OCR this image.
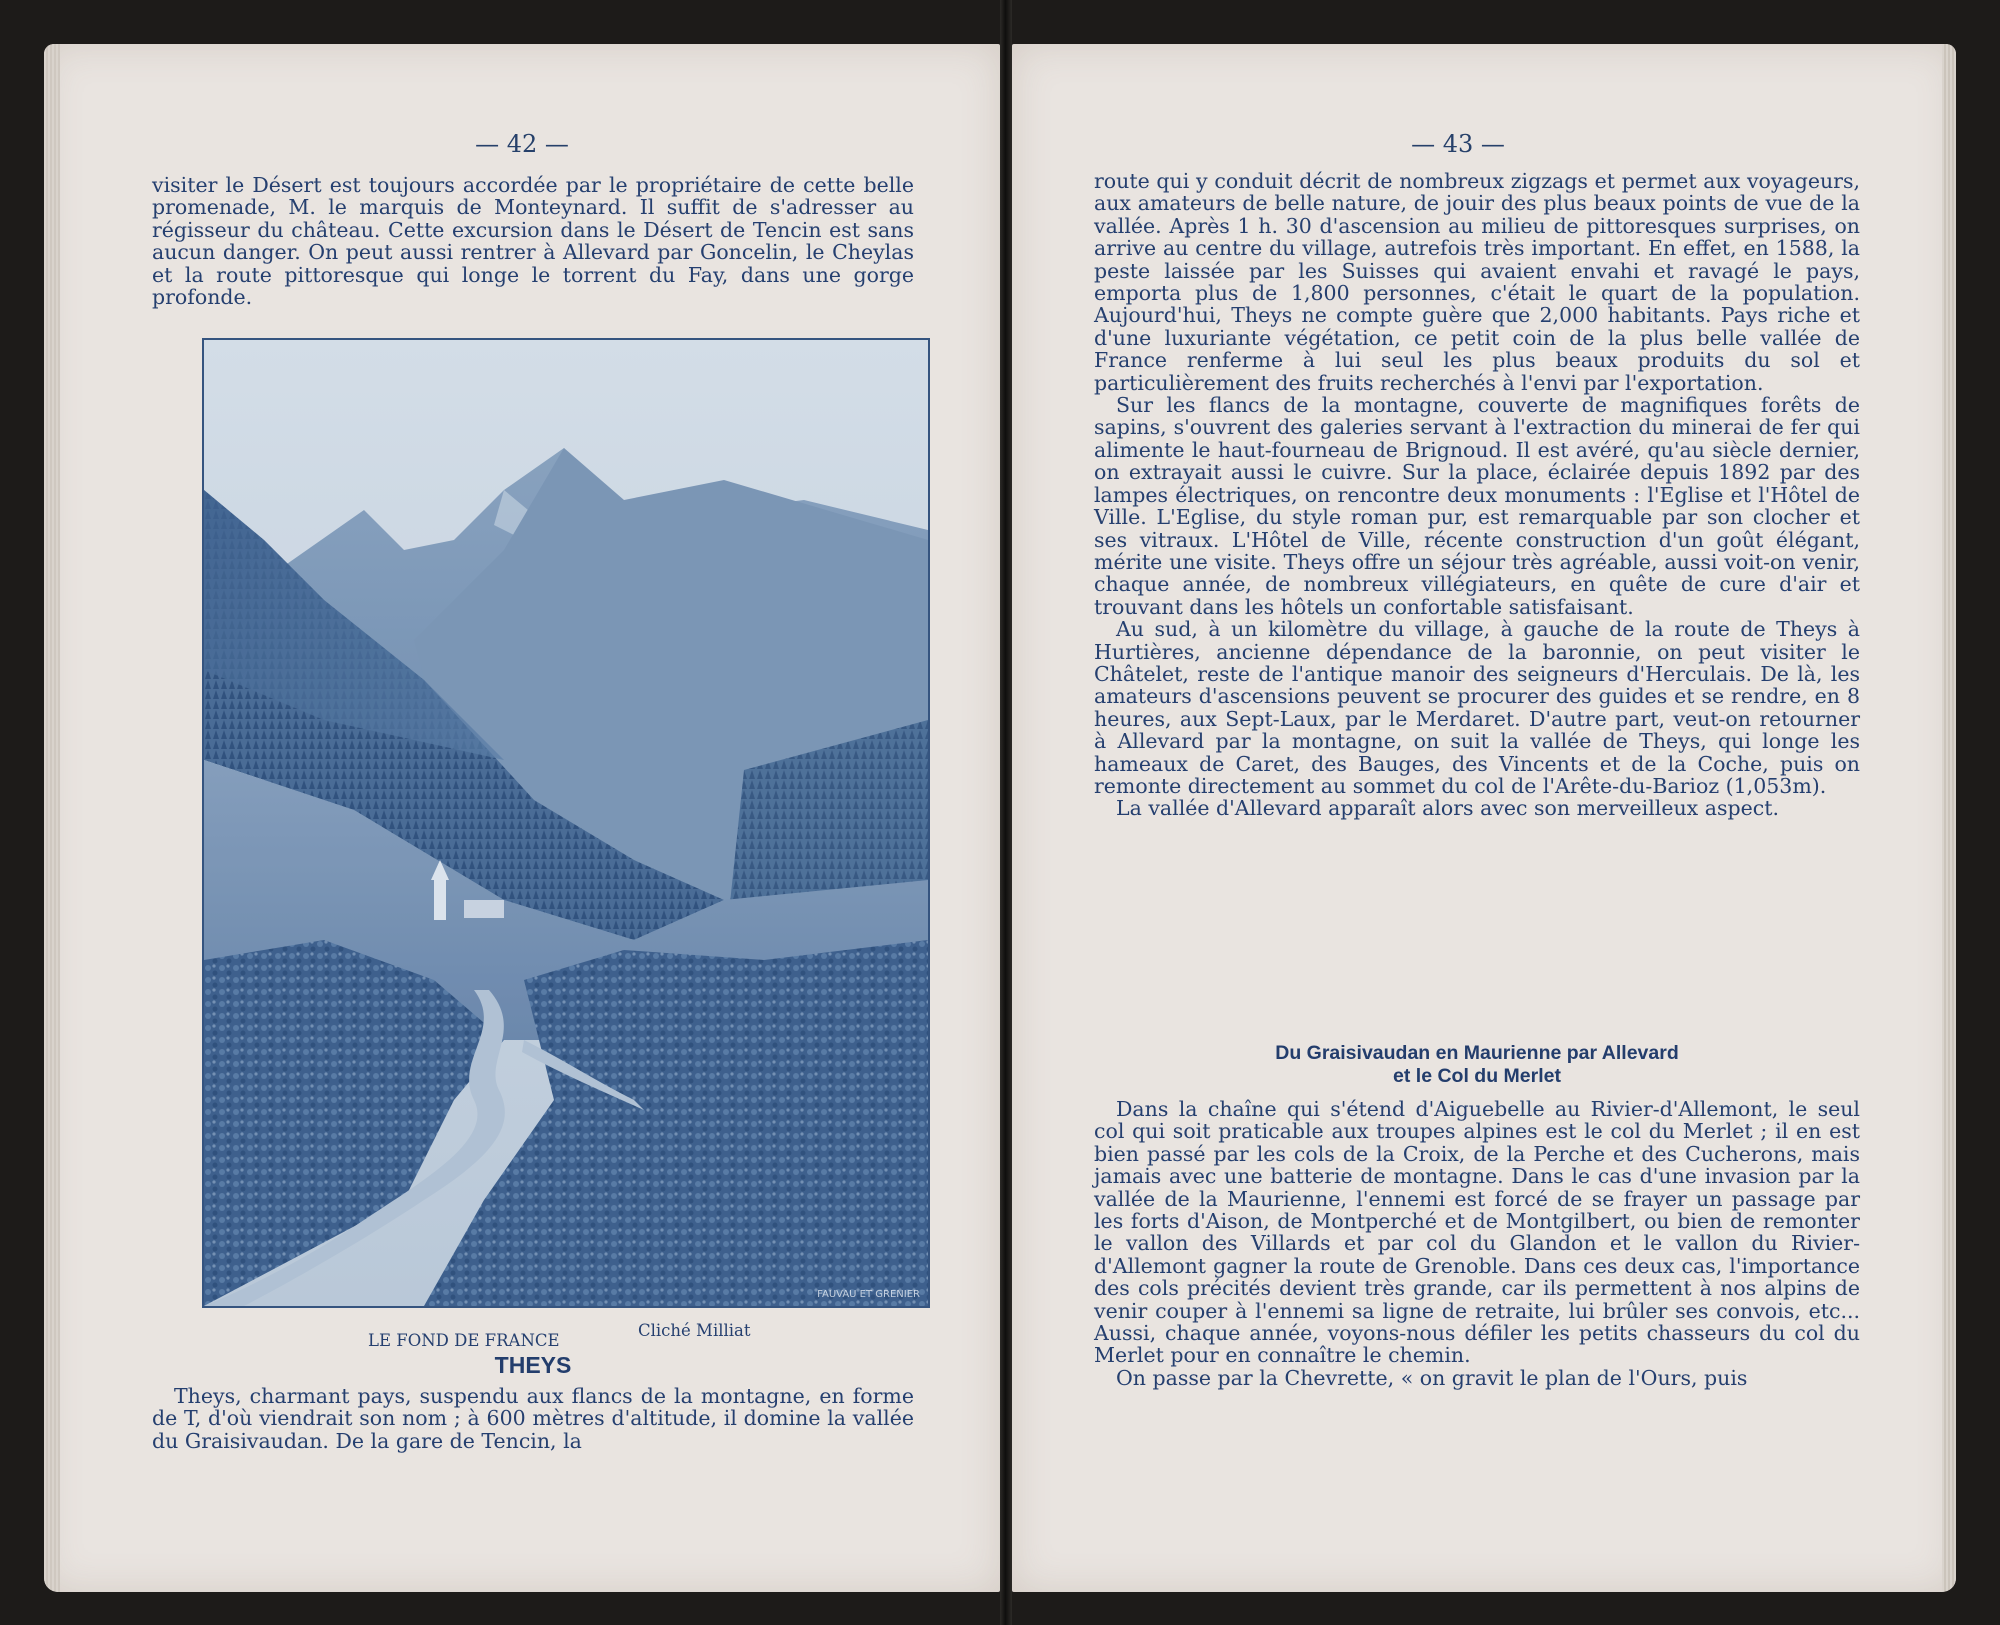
— 42 —

visiter le Désert est toujours accordée par le propriétaire de cette belle promenade, M. le marquis de Monteynard. Il suffit de s'adresser au régisseur du château. Cette excursion dans le Désert de Tencin est sans aucun danger. On peut aussi rentrer à Allevard par Goncelin, le Cheylas et la route pittoresque qui longe le torrent du Fay, dans une gorge profonde.

FAUVAU ET GRENIER
LE FOND DE FRANCE
Cliché Milliat
THEYS
Theys, charmant pays, suspendu aux flancs de la montagne, en forme de T, d'où viendrait son nom ; à 600 mètres d'altitude, il domine la vallée du Graisivaudan. De la gare de Tencin, la
— 43 —

route qui y conduit décrit de nombreux zigzags et permet aux voyageurs, aux amateurs de belle nature, de jouir des plus beaux points de vue de la vallée. Après 1 h. 30 d'ascension au milieu de pittoresques surprises, on arrive au centre du village, autrefois très important. En effet, en 1588, la peste laissée par les Suisses qui avaient envahi et ravagé le pays, emporta plus de 1,800 personnes, c'était le quart de la population. Aujourd'hui, Theys ne compte guère que 2,000 habitants. Pays riche et d'une luxuriante végétation, ce petit coin de la plus belle vallée de France renferme à lui seul les plus beaux produits du sol et particulièrement des fruits recherchés à l'envi par l'exportation.

Sur les flancs de la montagne, couverte de magnifiques forêts de sapins, s'ouvrent des galeries servant à l'extraction du minerai de fer qui alimente le haut-fourneau de Brignoud. Il est avéré, qu'au siècle dernier, on extrayait aussi le cuivre. Sur la place, éclairée depuis 1892 par des lampes électriques, on rencontre deux monuments : l'Eglise et l'Hôtel de Ville. L'Eglise, du style roman pur, est remarquable par son clocher et ses vitraux. L'Hôtel de Ville, récente construction d'un goût élégant, mérite une visite. Theys offre un séjour très agréable, aussi voit-on venir, chaque année, de nombreux villégiateurs, en quête de cure d'air et trouvant dans les hôtels un confortable satisfaisant.

Au sud, à un kilomètre du village, à gauche de la route de Theys à Hurtières, ancienne dépendance de la baronnie, on peut visiter le Châtelet, reste de l'antique manoir des seigneurs d'Herculais. De là, les amateurs d'ascensions peuvent se procurer des guides et se rendre, en 8 heures, aux Sept-Laux, par le Merdaret. D'autre part, veut-on retourner à Allevard par la montagne, on suit la vallée de Theys, qui longe les hameaux de Caret, des Bauges, des Vincents et de la Coche, puis on remonte directement au sommet du col de l'Arête-du-Barioz (1,053m).

La vallée d'Allevard apparaît alors avec son merveilleux aspect.

Du Graisivaudan en Maurienne par Allevard
et le Col du Merlet

Dans la chaîne qui s'étend d'Aiguebelle au Rivier-d'Allemont, le seul col qui soit praticable aux troupes alpines est le col du Merlet ; il en est bien passé par les cols de la Croix, de la Perche et des Cucherons, mais jamais avec une batterie de montagne. Dans le cas d'une invasion par la vallée de la Maurienne, l'ennemi est forcé de se frayer un passage par les forts d'Aison, de Montperché et de Montgilbert, ou bien de remonter le vallon des Villards et par col du Glandon et le vallon du Rivier-d'Allemont gagner la route de Grenoble. Dans ces deux cas, l'importance des cols précités devient très grande, car ils permettent à nos alpins de venir couper à l'ennemi sa ligne de retraite, lui brûler ses convois, etc... Aussi, chaque année, voyons-nous défiler les petits chasseurs du col du Merlet pour en connaître le chemin.

On passe par la Chevrette, « on gravit le plan de l'Ours, puis
